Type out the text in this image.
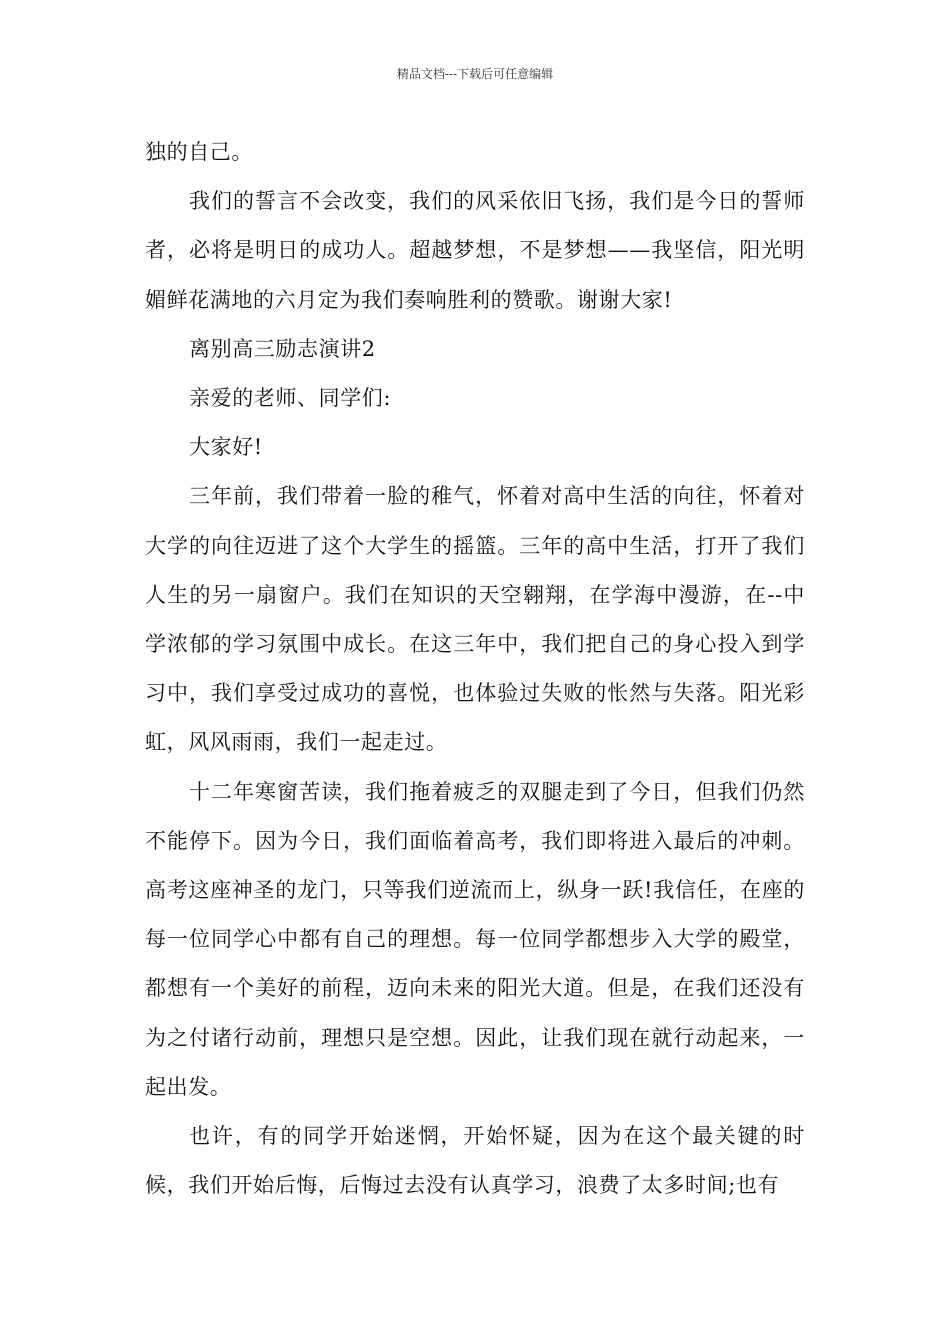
精品文档---下载后可任意编辑

独的自己。

我们的誓言不会改变，我们的风采依旧飞扬，我们是今日的誓师者，必将是明日的成功人。超越梦想，不是梦想——我坚信，阳光明媚鲜花满地的六月定为我们奏响胜利的赞歌。谢谢大家!

离别高三励志演讲2

亲爱的老师、同学们:

大家好!

三年前，我们带着一脸的稚气，怀着对高中生活的向往，怀着对大学的向往迈进了这个大学生的摇篮。三年的高中生活，打开了我们人生的另一扇窗户。我们在知识的天空翱翔，在学海中漫游，在--中学浓郁的学习氛围中成长。在这三年中，我们把自己的身心投入到学习中，我们享受过成功的喜悦，也体验过失败的怅然与失落。阳光彩虹，风风雨雨，我们一起走过。

十二年寒窗苦读，我们拖着疲乏的双腿走到了今日，但我们仍然不能停下。因为今日，我们面临着高考，我们即将进入最后的冲刺。高考这座神圣的龙门，只等我们逆流而上，纵身一跃!我信任，在座的每一位同学心中都有自己的理想。每一位同学都想步入大学的殿堂，都想有一个美好的前程，迈向未来的阳光大道。但是，在我们还没有为之付诸行动前，理想只是空想。因此，让我们现在就行动起来，一起出发。

也许，有的同学开始迷惘，开始怀疑，因为在这个最关键的时候，我们开始后悔，后悔过去没有认真学习，浪费了太多时间;也有
